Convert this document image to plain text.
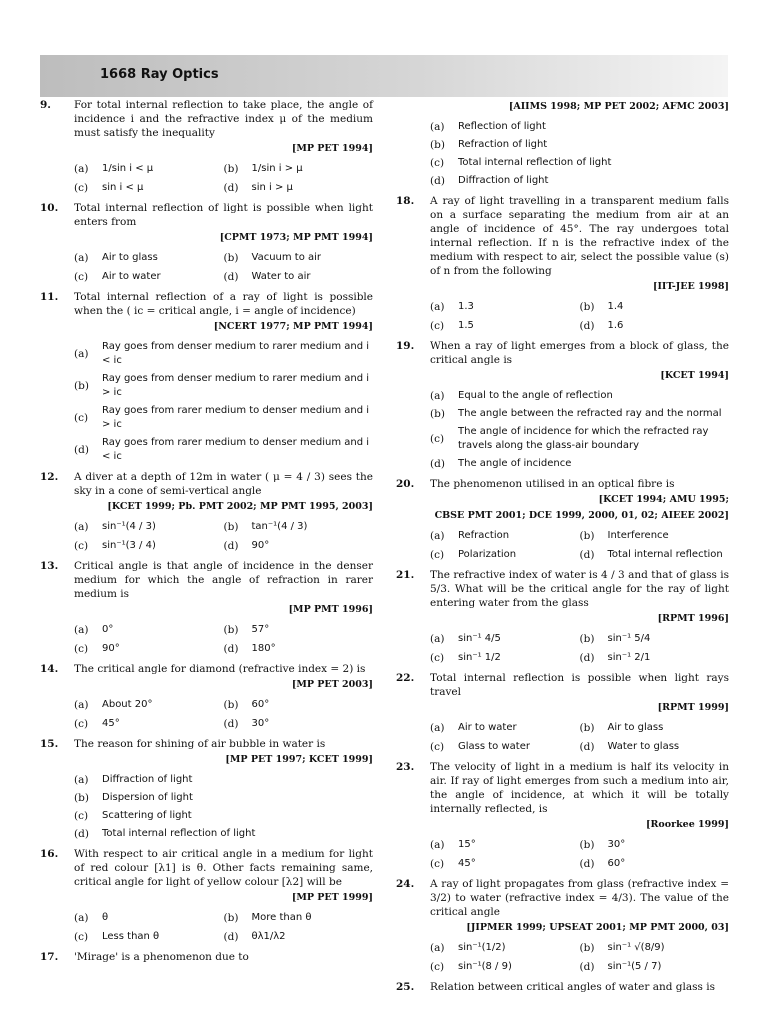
1668 Ray Optics
9. For total internal reflection to take place, the angle of incidence i and the refractive index μ of the medium must satisfy the inequality
[MP PET 1994]
(a)	1/sin i < μ	(b)	1/sin i > μ
(c)	sin i < μ	(d)	sin i > μ
10. Total internal reflection of light is possible when light enters from
[CPMT 1973; MP PMT 1994]
(a)	Air to glass	(b)	Vacuum to air
(c)	Air to water	(d)	Water to air
11. Total internal reflection of a ray of light is possible when the ( ic = critical angle, i = angle of incidence)
[NCERT 1977; MP PMT 1994]
(a)
Ray goes from denser medium to rarer medium and i < ic
(b)
Ray goes from denser medium to rarer medium and i > ic
(c)
Ray goes from rarer medium to denser medium and i > ic
(d)
Ray goes from rarer medium to denser medium and i < ic
12. A diver at a depth of 12m in water ( μ = 4 / 3) sees the sky in a cone of semi-vertical angle
[KCET 1999; Pb. PMT 2002; MP PMT 1995, 2003]
(a)	sin⁻¹(4 / 3)	(b)	tan⁻¹(4 / 3)
(c)	sin⁻¹(3 / 4)	(d)	90°
13. Critical angle is that angle of incidence in the denser medium for which the angle of refraction in rarer medium is
[MP PMT 1996]
(a)	0°	(b)	57°
(c)	90°	(d)	180°
14. The critical angle for diamond (refractive index = 2) is
[MP PET 2003]
(a)	About 20°	(b)	60°
(c)	45°	(d)	30°
15. The reason for shining of air bubble in water is
[MP PET 1997; KCET 1999]
(a)	Diffraction of light
(b)	Dispersion of light
(c)	Scattering of light
(d)	Total internal reflection of light
16. With respect to air critical angle in a medium for light of red colour [λ1] is θ. Other facts remaining same, critical angle for light of yellow colour [λ2] will be
[MP PET 1999]
(a)	θ	(b)	More than θ
(c)	Less than θ	(d)	θλ1/λ2
17. 'Mirage' is a phenomenon due to
[AIIMS 1998; MP PET 2002; AFMC 2003]
(a)	Reflection of light
(b)	Refraction of light
(c)	Total internal reflection of light
(d)	Diffraction of light
18. A ray of light travelling in a transparent medium falls on a surface separating the medium from air at an angle of incidence of 45°. The ray undergoes total internal reflection. If n is the refractive index of the medium with respect to air, select the possible value (s) of n from the following
[IIT-JEE 1998]
(a)	1.3	(b)	1.4
(c)	1.5	(d)	1.6
19. When a ray of light emerges from a block of glass, the critical angle is
[KCET 1994]
(a)	Equal to the angle of reflection
(b)	The angle between the refracted ray and the normal
(c)
The angle of incidence for which the refracted ray travels along the glass-air boundary
(d)	The angle of incidence
20. The phenomenon utilised in an optical fibre is
[KCET 1994; AMU 1995;
CBSE PMT 2001; DCE 1999, 2000, 01, 02; AIEEE 2002]
(a)	Refraction	(b)	Interference
(c)	Polarization	(d)	Total internal reflection
21. The refractive index of water is 4 / 3 and that of glass is 5/3. What will be the critical angle for the ray of light entering water from the glass
[RPMT 1996]
(a)	sin⁻¹ 4/5	(b)	sin⁻¹ 5/4
(c)	sin⁻¹ 1/2	(d)	sin⁻¹ 2/1
22. Total internal reflection is possible when light rays travel
[RPMT 1999]
(a)	Air to water	(b)	Air to glass
(c)	Glass to water	(d)	Water to glass
23. The velocity of light in a medium is half its velocity in air. If ray of light emerges from such a medium into air, the angle of incidence, at which it will be totally internally reflected, is
[Roorkee 1999]
(a)	15°	(b)	30°
(c)	45°	(d)	60°
24. A ray of light propagates from glass (refractive index = 3/2) to water (refractive index = 4/3). The value of the critical angle
[JIPMER 1999; UPSEAT 2001; MP PMT 2000, 03]
(a)	sin⁻¹(1/2)	(b)	sin⁻¹ √(8/9)
(c)	sin⁻¹(8 / 9)	(d)	sin⁻¹(5 / 7)
25. Relation between critical angles of water and glass is
